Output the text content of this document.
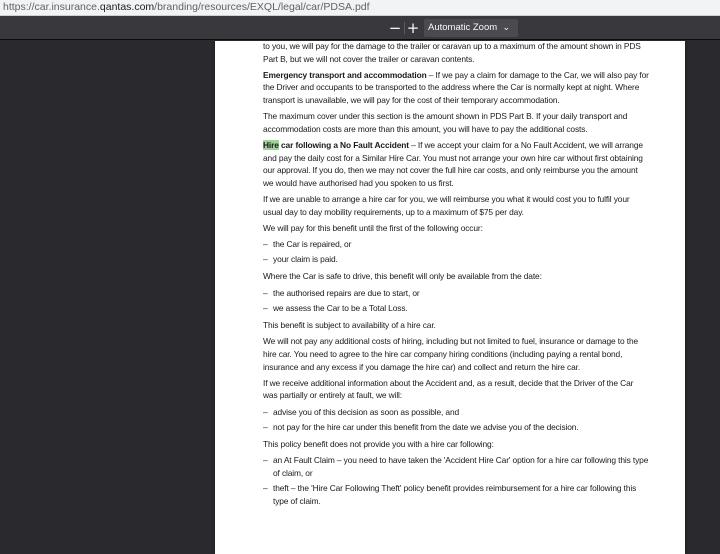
https://car.insurance.qantas.com/branding/resources/EXQL/legal/car/PDSA.pdf
− + Automatic Zoom ⌄

to you, we will pay for the damage to the trailer or caravan up to a maximum of the amount shown in PDS Part B, but we will not cover the trailer or caravan contents.

Emergency transport and accommodation – If we pay a claim for damage to the Car, we will also pay for the Driver and occupants to be transported to the address where the Car is normally kept at night. Where transport is unavailable, we will pay for the cost of their temporary accommodation.

The maximum cover under this section is the amount shown in PDS Part B. If your daily transport and accommodation costs are more than this amount, you will have to pay the additional costs.

Hire car following a No Fault Accident – If we accept your claim for a No Fault Accident, we will arrange and pay the daily cost for a Similar Hire Car. You must not arrange your own hire car without first obtaining our approval. If you do, then we may not cover the full hire car costs, and only reimburse you the amount we would have authorised had you spoken to us first.

If we are unable to arrange a hire car for you, we will reimburse you what it would cost you to fulfil your usual day to day mobility requirements, up to a maximum of $75 per day.

We will pay for this benefit until the first of the following occur:

– the Car is repaired, or
– your claim is paid.

Where the Car is safe to drive, this benefit will only be available from the date:

– the authorised repairs are due to start, or
– we assess the Car to be a Total Loss.

This benefit is subject to availability of a hire car.

We will not pay any additional costs of hiring, including but not limited to fuel, insurance or damage to the hire car. You need to agree to the hire car company hiring conditions (including paying a rental bond, insurance and any excess if you damage the hire car) and collect and return the hire car.

If we receive additional information about the Accident and, as a result, decide that the Driver of the Car was partially or entirely at fault, we will:

– advise you of this decision as soon as possible, and
– not pay for the hire car under this benefit from the date we advise you of the decision.

This policy benefit does not provide you with a hire car following:

– an At Fault Claim – you need to have taken the 'Accident Hire Car' option for a hire car following this type of claim, or
– theft – the 'Hire Car Following Theft' policy benefit provides reimbursement for a hire car following this type of claim.
